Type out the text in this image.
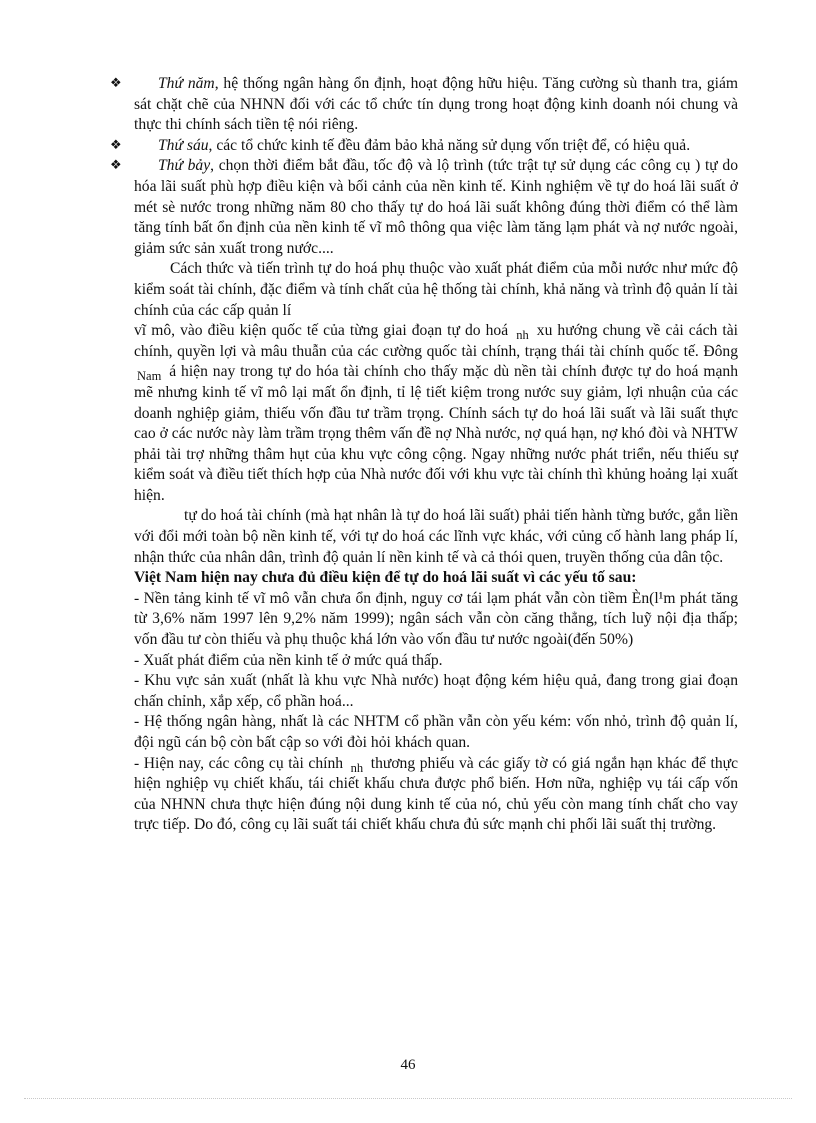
❖	Thứ năm, hệ thống ngân hàng ổn định, hoạt động hữu hiệu. Tăng cường sù thanh tra, giám sát chặt chẽ của NHNN đối với các tổ chức tín dụng trong hoạt động kinh doanh nói chung và thực thi chính sách tiền tệ nói riêng.

❖	Thứ sáu, các tổ chức kinh tế đều đảm bảo khả năng sử dụng vốn triệt để, có hiệu quả.

❖	Thứ bảy, chọn thời điểm bắt đầu, tốc độ và lộ trình (tức trật tự sử dụng các công cụ ) tự do hóa lãi suất phù hợp điều kiện và bối cảnh của nền kinh tế. Kinh nghiệm về tự do hoá lãi suất ở mét sè nước trong những năm 80 cho thấy tự do hoá lãi suất không đúng thời điểm có thể làm tăng tính bất ổn định của nền kinh tế vĩ mô thông qua việc làm tăng lạm phát và nợ nước ngoài, giảm sức sản xuất trong nước....

Cách thức và tiến trình tự do hoá phụ thuộc vào xuất phát điểm của mỗi nước như mức độ kiểm soát tài chính, đặc điểm và tính chất của hệ thống tài chính, khả năng và trình độ quản lí tài chính của các cấp quản lí

vĩ mô, vào điều kiện quốc tế của từng giai đoạn tự do hoá $_{nh}$ xu hướng chung về cải cách tài chính, quyền lợi và mâu thuẫn của các cường quốc tài chính, trạng thái tài chính quốc tế. Đông $_{Nam}$ á hiện nay trong tự do hóa tài chính cho thấy mặc dù nền tài chính được tự do hoá mạnh mẽ nhưng kinh tế vĩ mô lại mất ổn định, tỉ lệ tiết kiệm trong nước suy giảm, lợi nhuận của các doanh nghiệp giảm, thiếu vốn đầu tư trầm trọng. Chính sách tự do hoá lãi suất và lãi suất thực cao ở các nước này làm trầm trọng thêm vấn đề nợ Nhà nước, nợ quá hạn, nợ khó đòi và NHTW phải tài trợ những thâm hụt của khu vực công cộng. Ngay những nước phát triển, nếu thiếu sự kiểm soát và điều tiết thích hợp của Nhà nước đối với khu vực tài chính thì khủng hoảng lại xuất hiện.

tự do hoá tài chính (mà hạt nhân là tự do hoá lãi suất) phải tiến hành từng bước, gắn liền với đổi mới toàn bộ nền kinh tế, với tự do hoá các lĩnh vực khác, với củng cố hành lang pháp lí, nhận thức của nhân dân, trình độ quản lí nền kinh tế và cả thói quen, truyền thống của dân tộc.

Việt Nam hiện nay chưa đủ điều kiện để tự do hoá lãi suất vì các yếu tố sau:

- Nền tảng kinh tế vĩ mô vẫn chưa ổn định, nguy cơ tái lạm phát vẫn còn tiềm Èn(l¹m phát tăng từ 3,6% năm 1997 lên 9,2% năm 1999); ngân sách vẫn còn căng thẳng, tích luỹ nội địa thấp; vốn đầu tư còn thiếu và phụ thuộc khá lớn vào vốn đầu tư nước ngoài(đến 50%)

- Xuất phát điểm của nền kinh tế ở mức quá thấp.

- Khu vực sản xuất (nhất là khu vực Nhà nước) hoạt động kém hiệu quả, đang trong giai đoạn chấn chỉnh, xắp xếp, cổ phần hoá...

- Hệ thống ngân hàng, nhất là các NHTM cổ phần vẫn còn yếu kém: vốn nhỏ, trình độ quản lí, đội ngũ cán bộ còn bất cập so với đòi hỏi khách quan.

- Hiện nay, các công cụ tài chính $_{nh}$ thương phiếu và các giấy tờ có giá ngắn hạn khác để thực hiện nghiệp vụ chiết khấu, tái chiết khấu chưa được phổ biến. Hơn nữa, nghiệp vụ tái cấp vốn của NHNN chưa thực hiện đúng nội dung kinh tế của nó, chủ yếu còn mang tính chất cho vay trực tiếp. Do đó, công cụ lãi suất tái chiết khấu chưa đủ sức mạnh chi phối lãi suất thị trường.

46
